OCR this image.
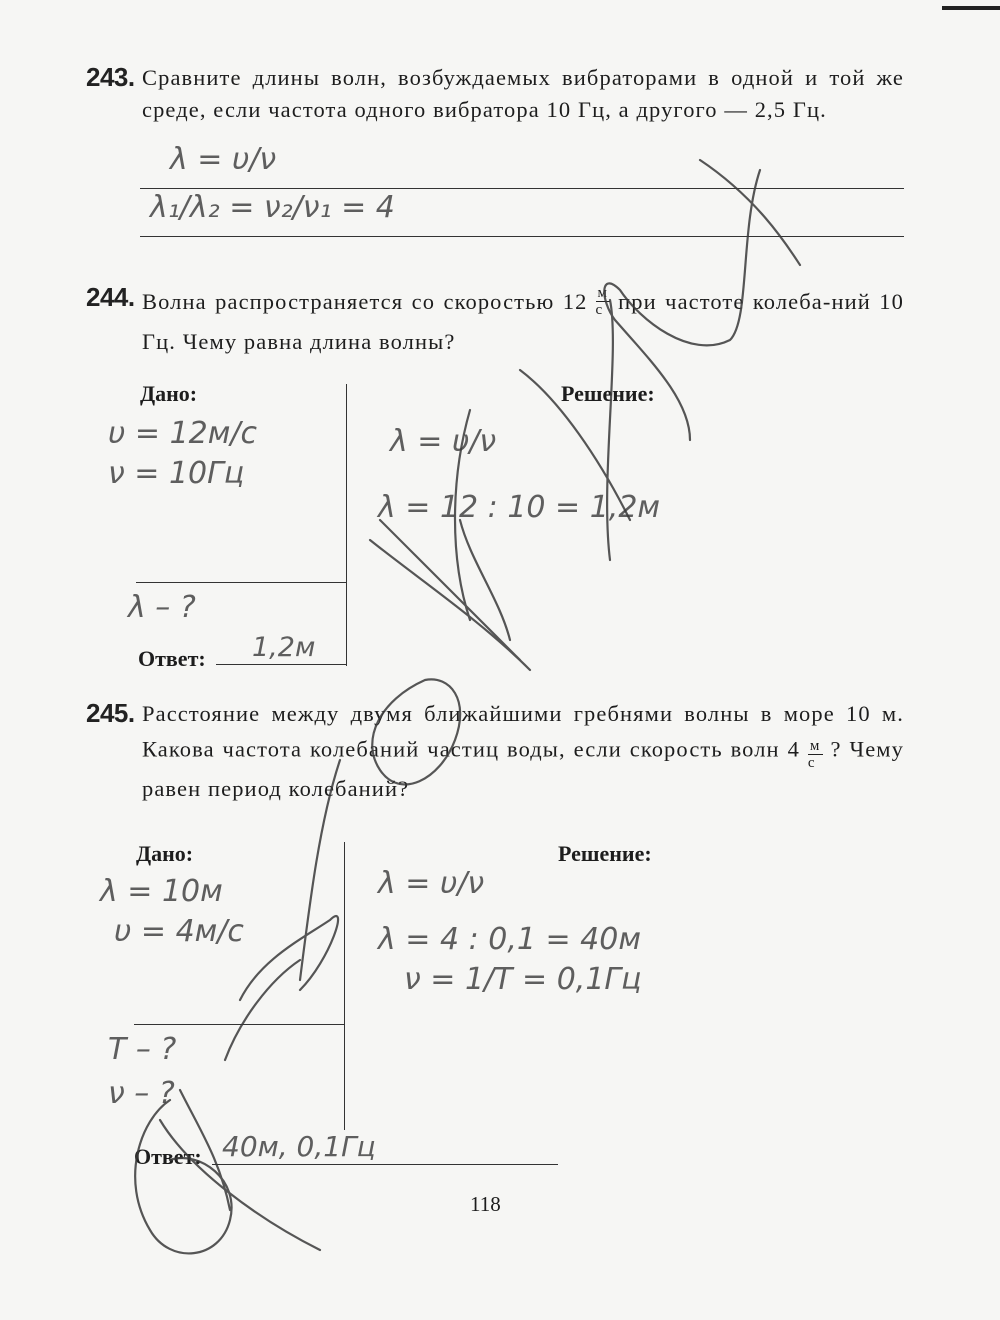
243. Сравните длины волн, возбуждаемых вибраторами в одной и той же среде, если частота одного вибратора 10 Гц, а другого — 2,5 Гц.
λ = υ/ν
λ₁/λ₂ = ν₂/ν₁ = 4
244. Волна распространяется со скоростью $12 \frac{м}{с}$ при частоте колеба-ний 10 Гц. Чему равна длина волны?
Дано:	Решение:
υ = 12м/с
ν = 10Гц
λ – ?
λ = υ/ν
λ = 12 : 10 = 1,2м
Ответ: 1,2м
245. Расстояние между двумя ближайшими гребнями волны в море 10 м. Какова частота колебаний частиц воды, если скорость волн $4 \frac{м}{с}$ ? Чему равен период колебаний?
Дано:	Решение:
λ = 10м
υ = 4м/с
T – ?
ν – ?
λ = υ/ν
λ = 4 : 0,1 = 40м
ν = 1/T = 0,1Гц
Ответ: 40м, 0,1Гц
118
